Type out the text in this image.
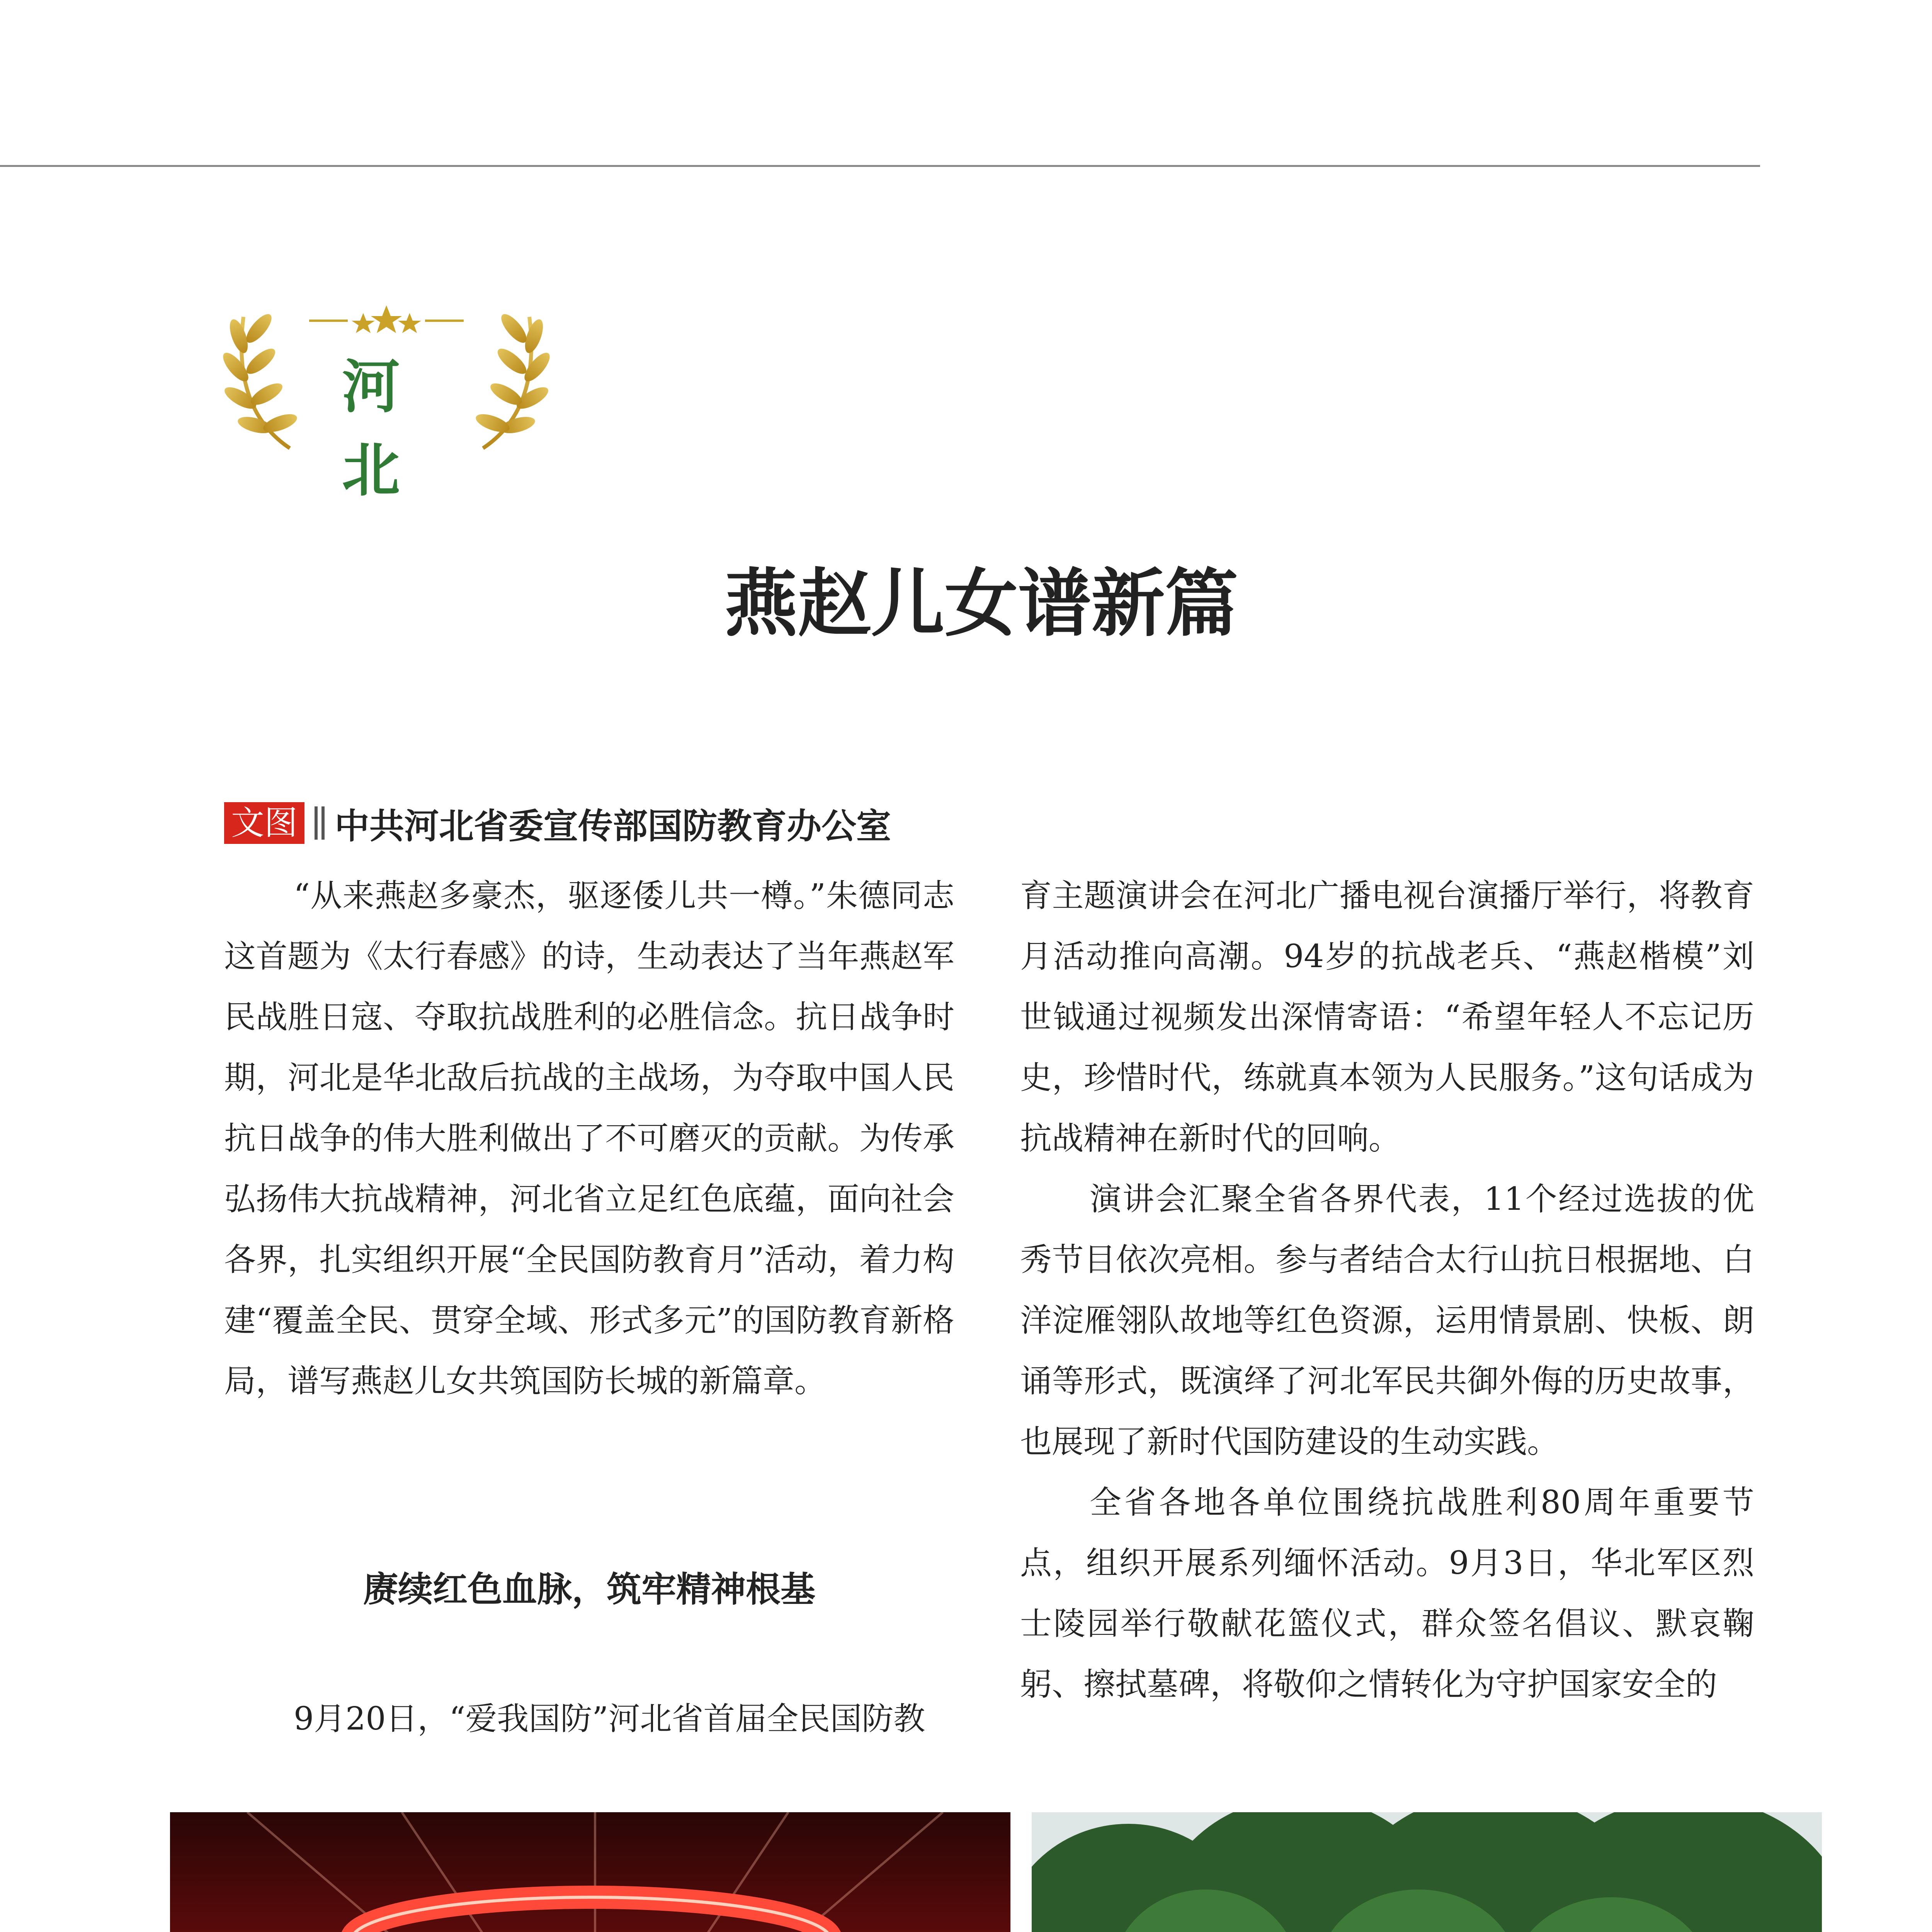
河北
燕赵儿女谱新篇
文图 中共河北省委宣传部国防教育办公室

“从来燕赵多豪杰，驱逐倭儿共一樽。”朱德同志这首题为《太行春感》的诗，生动表达了当年燕赵军民战胜日寇、夺取抗战胜利的必胜信念。抗日战争时期，河北是华北敌后抗战的主战场，为夺取中国人民抗日战争的伟大胜利做出了不可磨灭的贡献。为传承弘扬伟大抗战精神，河北省立足红色底蕴，面向社会各界，扎实组织开展“全民国防教育月”活动，着力构建“覆盖全民、贯穿全域、形式多元”的国防教育新格局，谱写燕赵儿女共筑国防长城的新篇章。

赓续红色血脉，筑牢精神根基

9月20日，“爱我国防”河北省首届全民国防教

育主题演讲会在河北广播电视台演播厅举行，将教育月活动推向高潮。94岁的抗战老兵、“燕赵楷模”刘世钺通过视频发出深情寄语：“希望年轻人不忘记历史，珍惜时代，练就真本领为人民服务。”这句话成为抗战精神在新时代的回响。

演讲会汇聚全省各界代表，11个经过选拔的优秀节目依次亮相。参与者结合太行山抗日根据地、白洋淀雁翎队故地等红色资源，运用情景剧、快板、朗诵等形式，既演绎了河北军民共御外侮的历史故事，也展现了新时代国防建设的生动实践。

全省各地各单位围绕抗战胜利80周年重要节点，组织开展系列缅怀活动。9月3日，华北军区烈士陵园举行敬献花篮仪式，群众签名倡议、默哀鞠躬、擦拭墓碑，将敬仰之情转化为守护国家安全的
